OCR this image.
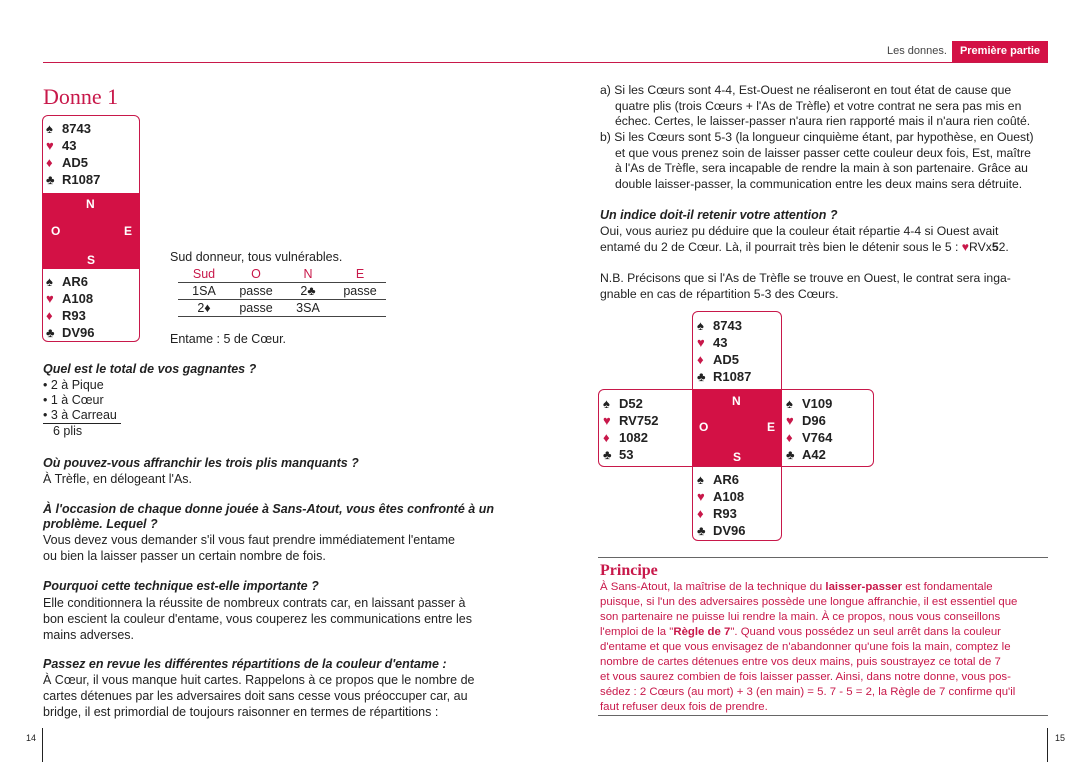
Les donnes.	Première partie
Donne 1
♠ 8743
♥ 43
♦ AD5
♣ R1087
N
O	E
S
♠ AR6
♥ A108
♦ R93
♣ DV96
Sud donneur, tous vulnérables.
Sud	O	N	E
1SA	passe	2♣	passe
2♦	passe	3SA	
Entame : 5 de Cœur.
Quel est le total de vos gagnantes ?
• 2 à Pique
• 1 à Cœur
• 3 à Carreau
6 plis
Où pouvez-vous affranchir les trois plis manquants ?
À Trèfle, en délogeant l'As.
À l'occasion de chaque donne jouée à Sans-Atout, vous êtes confronté à un
problème. Lequel ?
Vous devez vous demander s'il vous faut prendre immédiatement l'entame
ou bien la laisser passer un certain nombre de fois.
Pourquoi cette technique est-elle importante ?
Elle conditionnera la réussite de nombreux contrats car, en laissant passer à
bon escient la couleur d'entame, vous couperez les communications entre les
mains adverses.
Passez en revue les différentes répartitions de la couleur d'entame :
À Cœur, il vous manque huit cartes. Rappelons à ce propos que le nombre de
cartes détenues par les adversaires doit sans cesse vous préoccuper car, au
bridge, il est primordial de toujours raisonner en termes de répartitions :
14
a) Si les Cœurs sont 4-4, Est-Ouest ne réaliseront en tout état de cause que
quatre plis (trois Cœurs + l'As de Trèfle) et votre contrat ne sera pas mis en
échec. Certes, le laisser-passer n'aura rien rapporté mais il n'aura rien coûté.
b) Si les Cœurs sont 5-3 (la longueur cinquième étant, par hypothèse, en Ouest)
et que vous prenez soin de laisser passer cette couleur deux fois, Est, maître
à l'As de Trèfle, sera incapable de rendre la main à son partenaire. Grâce au
double laisser-passer, la communication entre les deux mains sera détruite.
Un indice doit-il retenir votre attention ?
Oui, vous auriez pu déduire que la couleur était répartie 4-4 si Ouest avait
entamé du 2 de Cœur. Là, il pourrait très bien le détenir sous le 5 : ♥RVx52.
N.B. Précisons que si l'As de Trèfle se trouve en Ouest, le contrat sera inga-
gnable en cas de répartition 5-3 des Cœurs.
N
O	E
S
♠ 8743
♥ 43
♦ AD5
♣ R1087
♠ D52
♥ RV752
♦ 1082
♣ 53
♠ V109
♥ D96
♦ V764
♣ A42
♠ AR6
♥ A108
♦ R93
♣ DV96
Principe
À Sans-Atout, la maîtrise de la technique du laisser-passer est fondamentale
puisque, si l'un des adversaires possède une longue affranchie, il est essentiel que
son partenaire ne puisse lui rendre la main. À ce propos, nous vous conseillons
l'emploi de la "Règle de 7". Quand vous possédez un seul arrêt dans la couleur
d'entame et que vous envisagez de n'abandonner qu'une fois la main, comptez le
nombre de cartes détenues entre vos deux mains, puis soustrayez ce total de 7
et vous saurez combien de fois laisser passer. Ainsi, dans notre donne, vous pos-
sédez : 2 Cœurs (au mort) + 3 (en main) = 5. 7 - 5 = 2, la Règle de 7 confirme qu'il
faut refuser deux fois de prendre.
15
